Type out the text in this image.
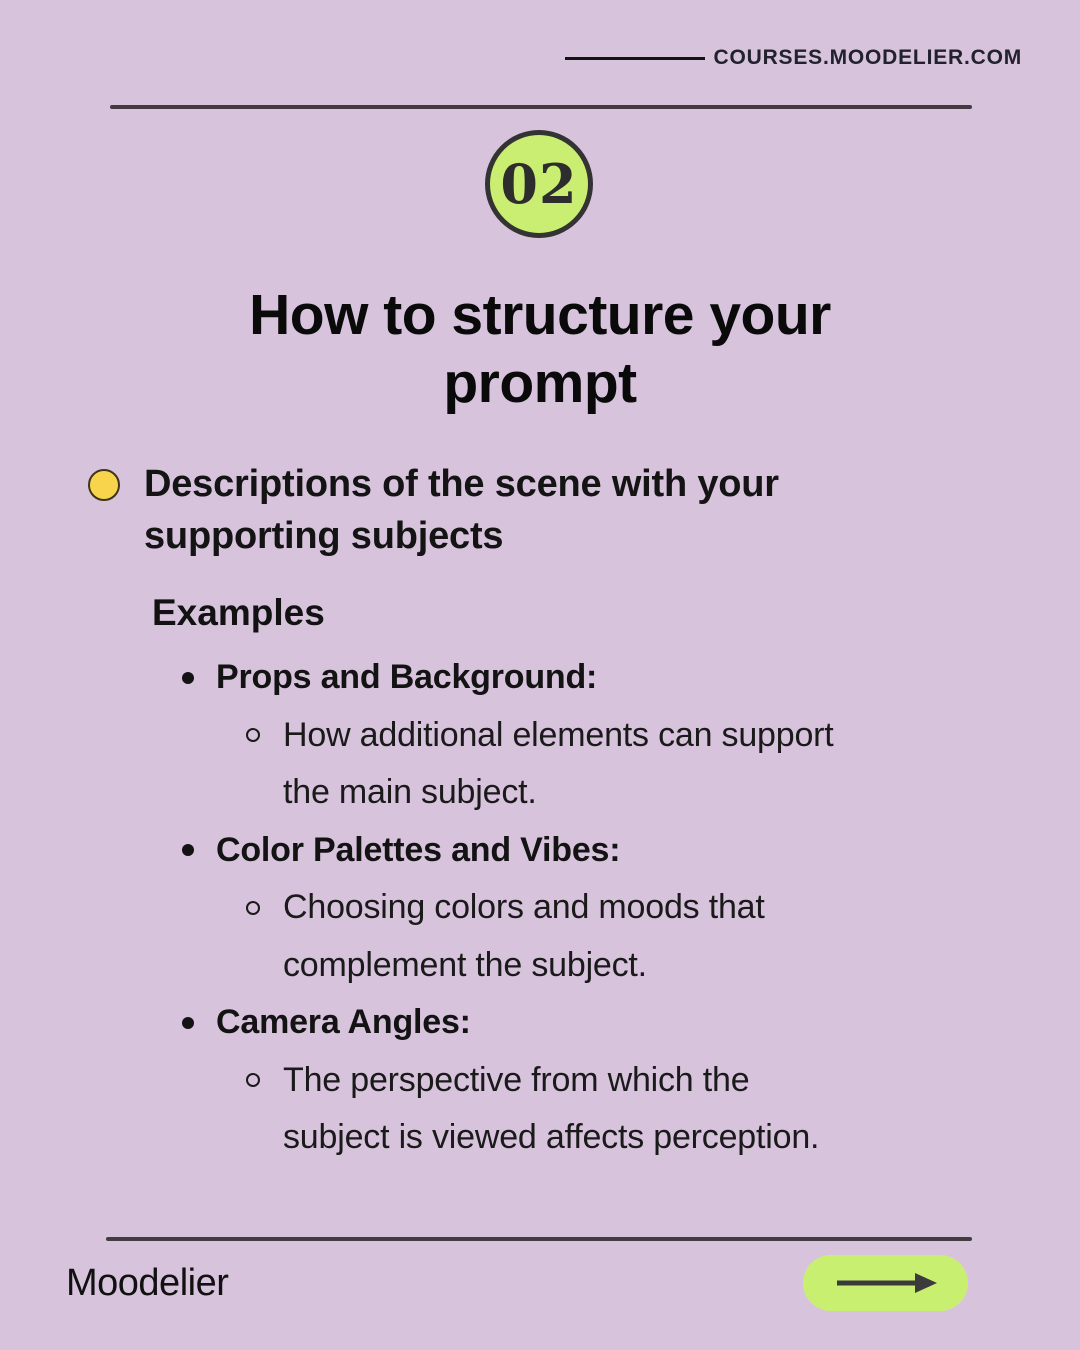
COURSES.MOODELIER.COM
02
How to structure your
prompt
Descriptions of the scene with your
supporting subjects
Examples
Props and Background:
How additional elements can support
the main subject.
Color Palettes and Vibes:
Choosing colors and moods that
complement the subject.
Camera Angles:
The perspective from which the
subject is viewed affects perception.
Moodelier
